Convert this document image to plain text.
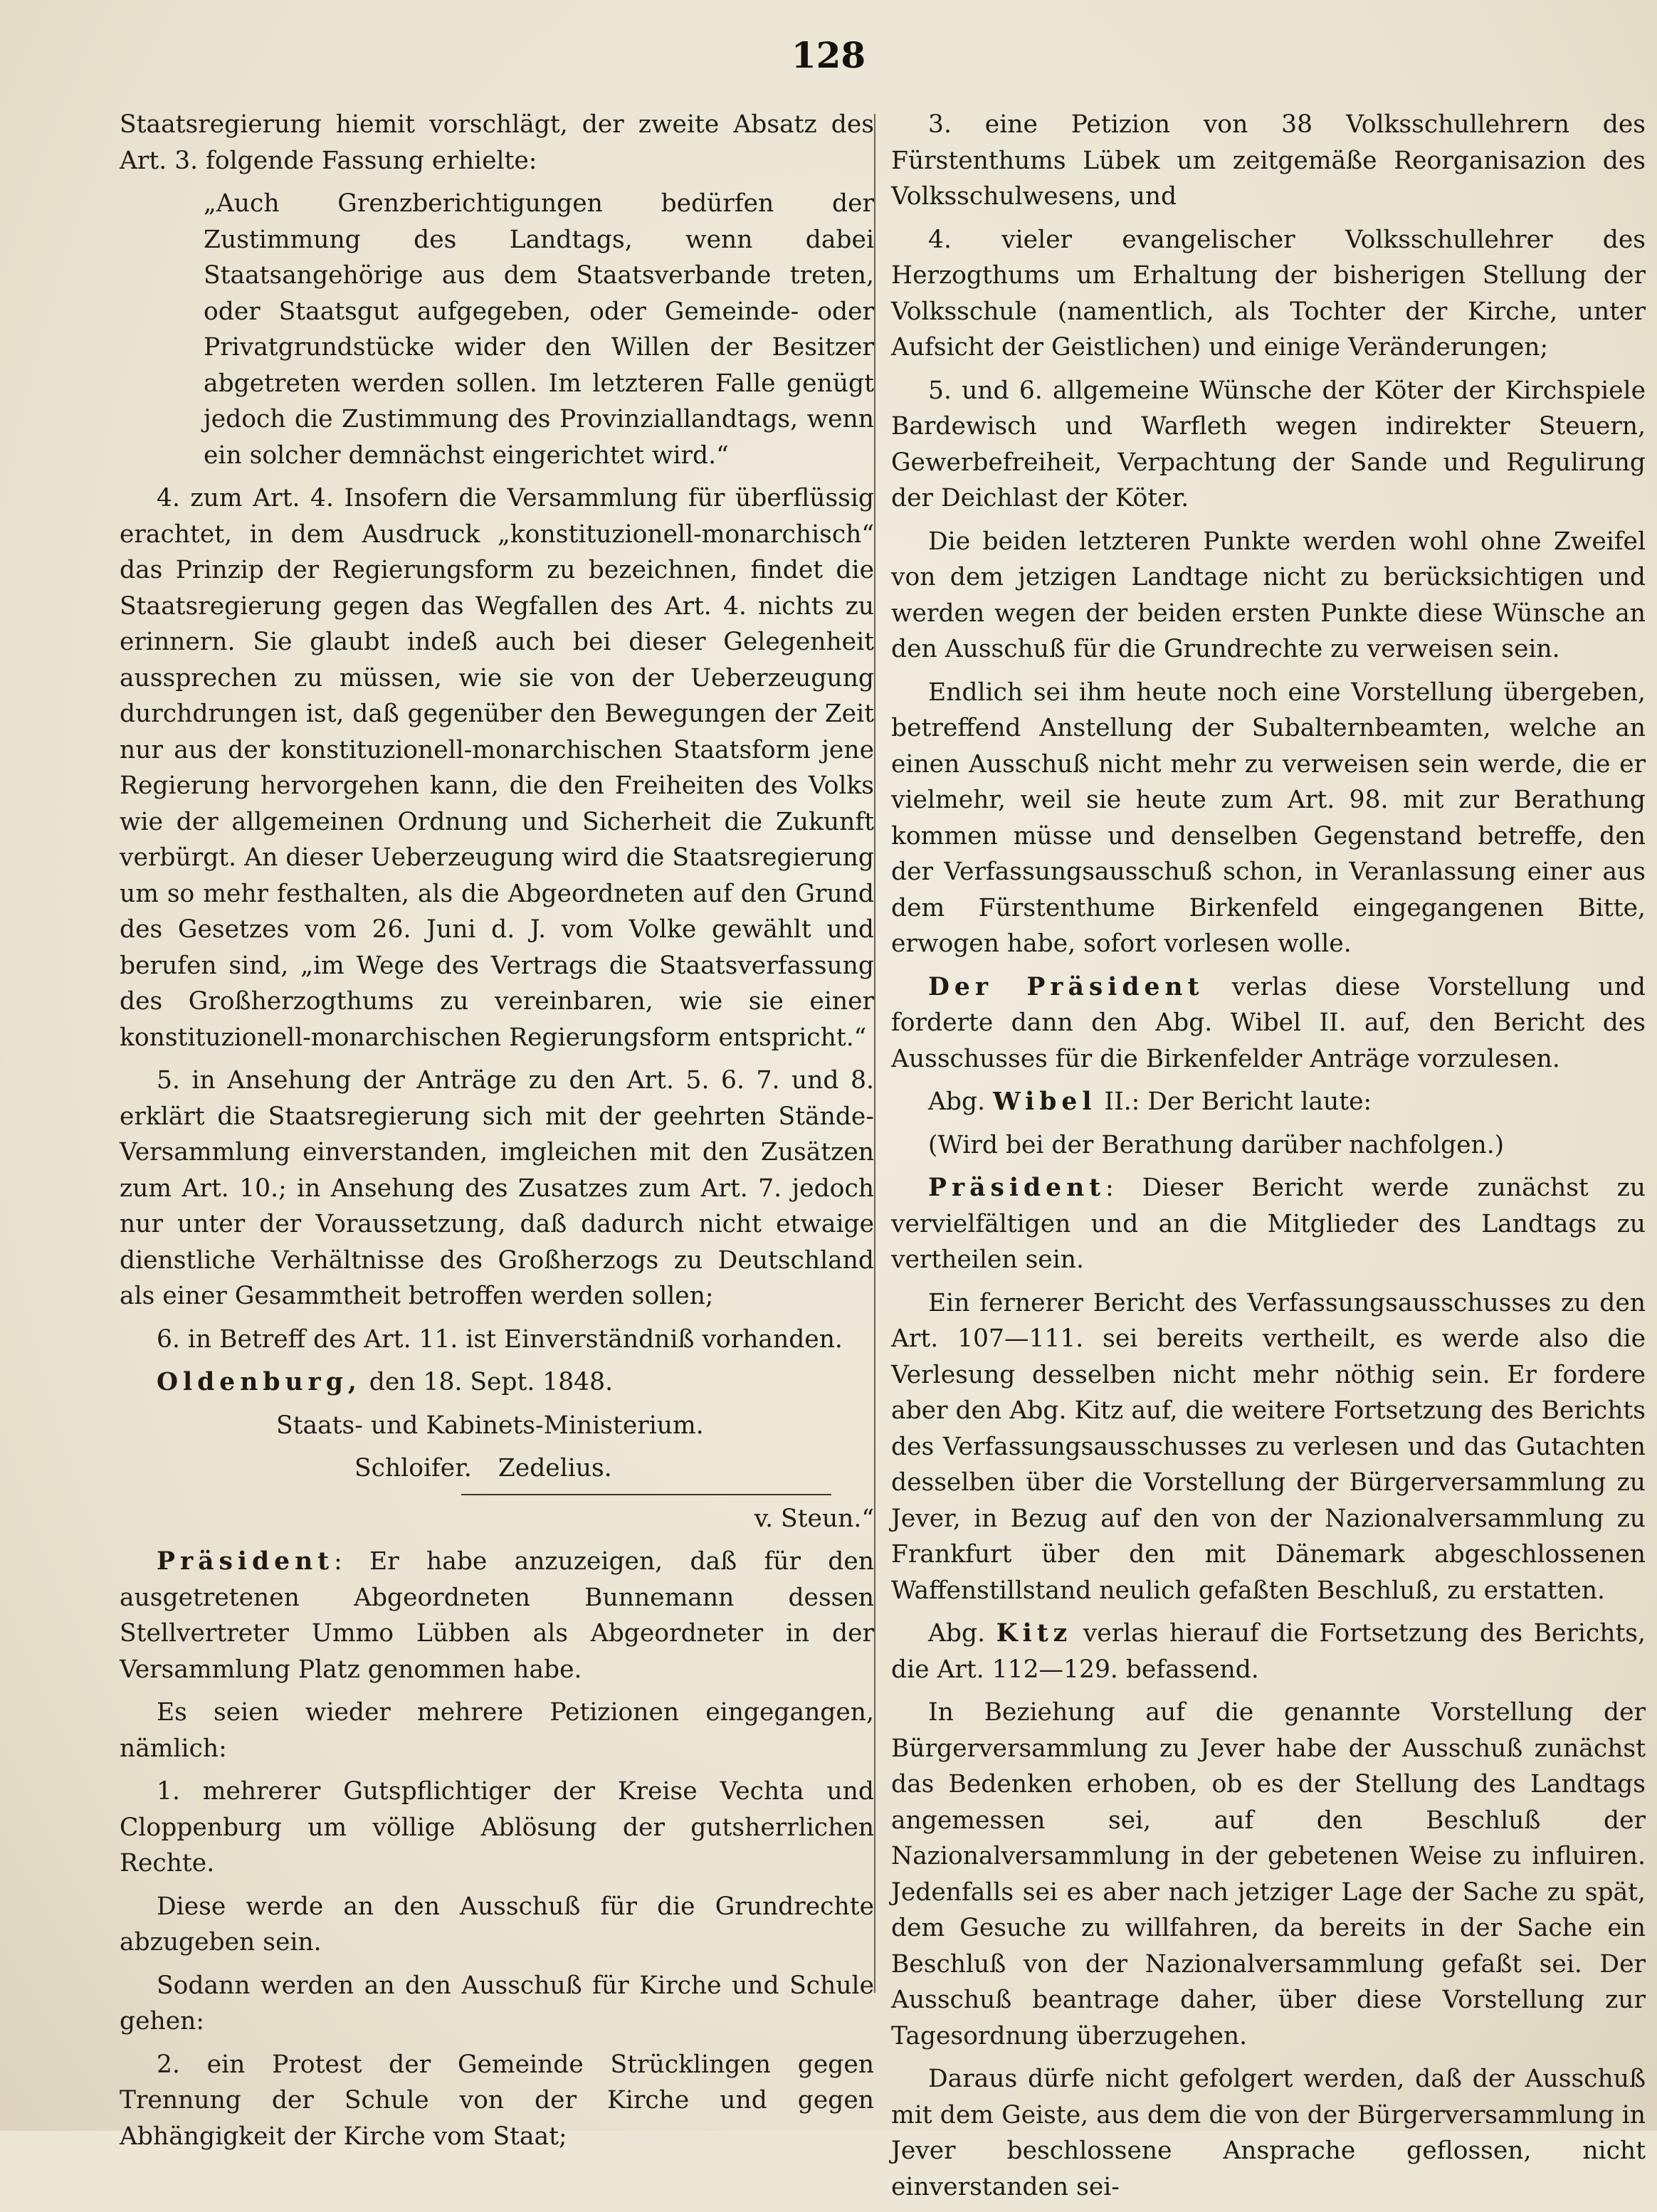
128

Staatsregierung hiemit vorschlägt, der zweite Absatz des Art. 3. folgende Fassung erhielte:

„Auch Grenzberichtigungen bedürfen der Zustimmung des Landtags, wenn dabei Staatsangehörige aus dem Staatsverbande treten, oder Staatsgut aufgegeben, oder Gemeinde- oder Privatgrundstücke wider den Willen der Besitzer abgetreten werden sollen. Im letzteren Falle genügt jedoch die Zustimmung des Provinziallandtags, wenn ein solcher demnächst eingerichtet wird.“

4. zum Art. 4. Insofern die Versammlung für überflüssig erachtet, in dem Ausdruck „konstituzionell-monarchisch“ das Prinzip der Regierungsform zu bezeichnen, findet die Staatsregierung gegen das Wegfallen des Art. 4. nichts zu erinnern. Sie glaubt indeß auch bei dieser Gelegenheit aussprechen zu müssen, wie sie von der Ueberzeugung durchdrungen ist, daß gegenüber den Bewegungen der Zeit nur aus der konstituzionell-monarchischen Staatsform jene Regierung hervorgehen kann, die den Freiheiten des Volks wie der allgemeinen Ordnung und Sicherheit die Zukunft verbürgt. An dieser Ueberzeugung wird die Staatsregierung um so mehr festhalten, als die Abgeordneten auf den Grund des Gesetzes vom 26. Juni d. J. vom Volke gewählt und berufen sind, „im Wege des Vertrags die Staatsverfassung des Großherzogthums zu vereinbaren, wie sie einer konstituzionell-monarchischen Regierungsform entspricht.“

5. in Ansehung der Anträge zu den Art. 5. 6. 7. und 8. erklärt die Staatsregierung sich mit der geehrten Stände-Versammlung einverstanden, imgleichen mit den Zusätzen zum Art. 10.; in Ansehung des Zusatzes zum Art. 7. jedoch nur unter der Voraussetzung, daß dadurch nicht etwaige dienstliche Verhältnisse des Großherzogs zu Deutschland als einer Gesammtheit betroffen werden sollen;

6. in Betreff des Art. 11. ist Einverständniß vorhanden.

Oldenburg, den 18. Sept. 1848.

Staats- und Kabinets-Ministerium.

Schloifer. Zedelius.

v. Steun.“

Präsident: Er habe anzuzeigen, daß für den ausgetretenen Abgeordneten Bunnemann dessen Stellvertreter Ummo Lübben als Abgeordneter in der Versammlung Platz genommen habe.

Es seien wieder mehrere Petizionen eingegangen, nämlich:

1. mehrerer Gutspflichtiger der Kreise Vechta und Cloppenburg um völlige Ablösung der gutsherrlichen Rechte.

Diese werde an den Ausschuß für die Grundrechte abzugeben sein.

Sodann werden an den Ausschuß für Kirche und Schule gehen:

2. ein Protest der Gemeinde Strücklingen gegen Trennung der Schule von der Kirche und gegen Abhängigkeit der Kirche vom Staat;

3. eine Petizion von 38 Volksschullehrern des Fürstenthums Lübek um zeitgemäße Reorganisazion des Volksschulwesens, und

4. vieler evangelischer Volksschullehrer des Herzogthums um Erhaltung der bisherigen Stellung der Volksschule (namentlich, als Tochter der Kirche, unter Aufsicht der Geistlichen) und einige Veränderungen;

5. und 6. allgemeine Wünsche der Köter der Kirchspiele Bardewisch und Warfleth wegen indirekter Steuern, Gewerbefreiheit, Verpachtung der Sande und Regulirung der Deichlast der Köter.

Die beiden letzteren Punkte werden wohl ohne Zweifel von dem jetzigen Landtage nicht zu berücksichtigen und werden wegen der beiden ersten Punkte diese Wünsche an den Ausschuß für die Grundrechte zu verweisen sein.

Endlich sei ihm heute noch eine Vorstellung übergeben, betreffend Anstellung der Subalternbeamten, welche an einen Ausschuß nicht mehr zu verweisen sein werde, die er vielmehr, weil sie heute zum Art. 98. mit zur Berathung kommen müsse und denselben Gegenstand betreffe, den der Verfassungsausschuß schon, in Veranlassung einer aus dem Fürstenthume Birkenfeld eingegangenen Bitte, erwogen habe, sofort vorlesen wolle.

Der Präsident verlas diese Vorstellung und forderte dann den Abg. Wibel II. auf, den Bericht des Ausschusses für die Birkenfelder Anträge vorzulesen.

Abg. Wibel II.: Der Bericht laute:

(Wird bei der Berathung darüber nachfolgen.)

Präsident: Dieser Bericht werde zunächst zu vervielfältigen und an die Mitglieder des Landtags zu vertheilen sein.

Ein fernerer Bericht des Verfassungsausschusses zu den Art. 107—111. sei bereits vertheilt, es werde also die Verlesung desselben nicht mehr nöthig sein. Er fordere aber den Abg. Kitz auf, die weitere Fortsetzung des Berichts des Verfassungsausschusses zu verlesen und das Gutachten desselben über die Vorstellung der Bürgerversammlung zu Jever, in Bezug auf den von der Nazionalversammlung zu Frankfurt über den mit Dänemark abgeschlossenen Waffenstillstand neulich gefaßten Beschluß, zu erstatten.

Abg. Kitz verlas hierauf die Fortsetzung des Berichts, die Art. 112—129. befassend.

In Beziehung auf die genannte Vorstellung der Bürgerversammlung zu Jever habe der Ausschuß zunächst das Bedenken erhoben, ob es der Stellung des Landtags angemessen sei, auf den Beschluß der Nazionalversammlung in der gebetenen Weise zu influiren. Jedenfalls sei es aber nach jetziger Lage der Sache zu spät, dem Gesuche zu willfahren, da bereits in der Sache ein Beschluß von der Nazionalversammlung gefaßt sei. Der Ausschuß beantrage daher, über diese Vorstellung zur Tagesordnung überzugehen.

Daraus dürfe nicht gefolgert werden, daß der Ausschuß mit dem Geiste, aus dem die von der Bürgerversammlung in Jever beschlossene Ansprache geflossen, nicht einverstanden sei-
